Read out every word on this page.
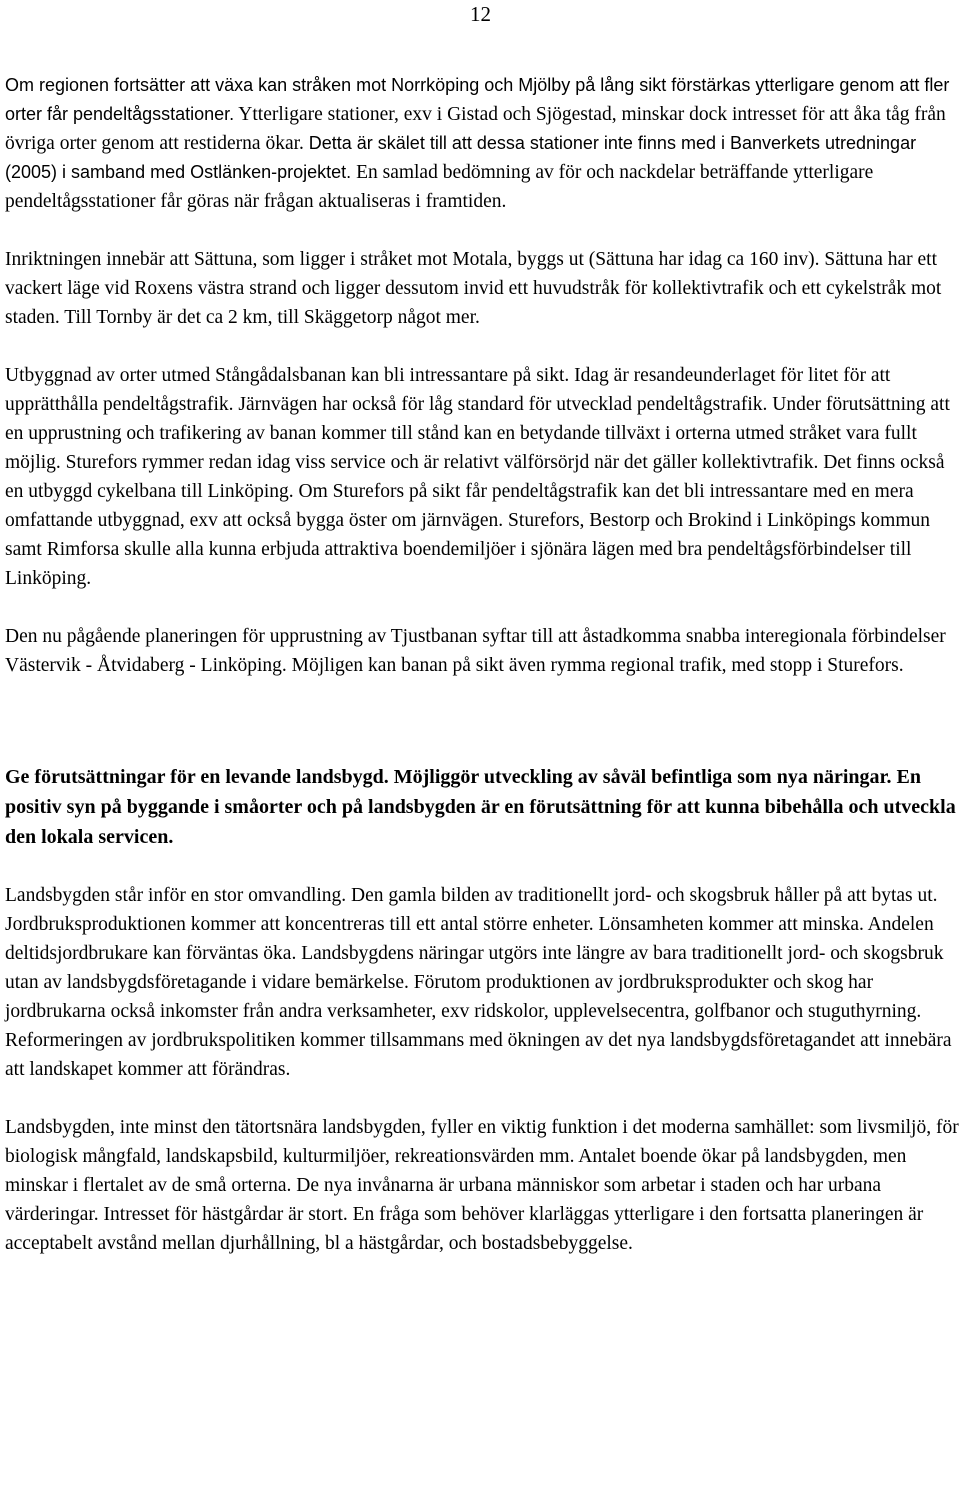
12

Om regionen fortsätter att växa kan stråken mot Norrköping och Mjölby på lång sikt förstärkas ytterligare genom att fler orter får pendeltågsstationer. Ytterligare stationer, exv i Gistad och Sjögestad, minskar dock intresset för att åka tåg från övriga orter genom att restiderna ökar. Detta är skälet till att dessa stationer inte finns med i Banverkets utredningar (2005) i samband med Ostlänken-projektet. En samlad bedömning av för och nackdelar beträffande ytterligare pendeltågsstationer får göras när frågan aktualiseras i framtiden.

Inriktningen innebär att Sättuna, som ligger i stråket mot Motala, byggs ut (Sättuna har idag ca 160 inv). Sättuna har ett vackert läge vid Roxens västra strand och ligger dessutom invid ett huvudstråk för kollektivtrafik och ett cykelstråk mot staden. Till Tornby är det ca 2 km, till Skäggetorp något mer.

Utbyggnad av orter utmed Stångådalsbanan kan bli intressantare på sikt. Idag är resandeunderlaget för litet för att upprätthålla pendeltågstrafik. Järnvägen har också för låg standard för utvecklad pendeltågstrafik. Under förutsättning att en upprustning och trafikering av banan kommer till stånd kan en betydande tillväxt i orterna utmed stråket vara fullt möjlig. Sturefors rymmer redan idag viss service och är relativt välförsörjd när det gäller kollektivtrafik. Det finns också en utbyggd cykelbana till Linköping. Om Sturefors på sikt får pendeltågstrafik kan det bli intressantare med en mera omfattande utbyggnad, exv att också bygga öster om järnvägen. Sturefors, Bestorp och Brokind i Linköpings kommun samt Rimforsa skulle alla kunna erbjuda attraktiva boendemiljöer i sjönära lägen med bra pendeltågsförbindelser till Linköping.

Den nu pågående planeringen för upprustning av Tjustbanan syftar till att åstadkomma snabba interegionala förbindelser Västervik - Åtvidaberg - Linköping. Möjligen kan banan på sikt även rymma regional trafik, med stopp i Sturefors.

Ge förutsättningar för en levande landsbygd. Möjliggör utveckling av såväl befintliga som nya näringar. En positiv syn på byggande i småorter och på landsbygden är en förutsättning för att kunna bibehålla och utveckla den lokala servicen.

Landsbygden står inför en stor omvandling. Den gamla bilden av traditionellt jord- och skogsbruk håller på att bytas ut. Jordbruksproduktionen kommer att koncentreras till ett antal större enheter. Lönsamheten kommer att minska. Andelen deltidsjordbrukare kan förväntas öka. Landsbygdens näringar utgörs inte längre av bara traditionellt jord- och skogsbruk utan av landsbygdsföretagande i vidare bemärkelse. Förutom produktionen av jordbruksprodukter och skog har jordbrukarna också inkomster från andra verksamheter, exv ridskolor, upplevelsecentra, golfbanor och stuguthyrning. Reformeringen av jordbrukspolitiken kommer tillsammans med ökningen av det nya landsbygdsföretagandet att innebära att landskapet kommer att förändras.

Landsbygden, inte minst den tätortsnära landsbygden, fyller en viktig funktion i det moderna samhället: som livsmiljö, för biologisk mångfald, landskapsbild, kulturmiljöer, rekreationsvärden mm. Antalet boende ökar på landsbygden, men minskar i flertalet av de små orterna. De nya invånarna är urbana människor som arbetar i staden och har urbana värderingar. Intresset för hästgårdar är stort. En fråga som behöver klarläggas ytterligare i den fortsatta planeringen är acceptabelt avstånd mellan djurhållning, bl a hästgårdar, och bostadsbebyggelse.
